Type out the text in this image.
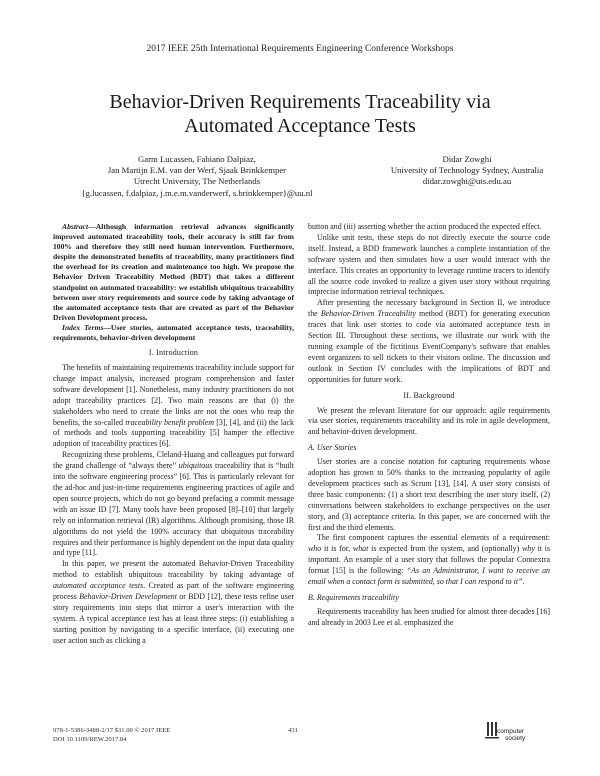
2017 IEEE 25th International Requirements Engineering Conference Workshops
Behavior-Driven Requirements Traceability via
Automated Acceptance Tests
Garm Lucassen, Fabiano Dalpiaz,
Jan Martijn E.M. van der Werf, Sjaak Brinkkemper
Utrecht University, The Netherlands
{g.lucassen, f.dalpiaz, j.m.e.m.vanderwerf, s.brinkkemper}@uu.nl
Didar Zowghi
University of Technology Sydney, Australia
didar.zowghi@uts.edu.au

Abstract—Although information retrieval advances significantly improved automated traceability tools, their accuracy is still far from 100% and therefore they still need human intervention. Furthermore, despite the demonstrated benefits of traceability, many practitioners find the overhead for its creation and maintenance too high. We propose the Behavior Driven Traceability Method (BDT) that takes a different standpoint on automated traceability: we establish ubiquitous traceability between user story requirements and source code by taking advantage of the automated acceptance tests that are created as part of the Behavior Driven Development process.

Index Terms—User stories, automated acceptance tests, traceability, requirements, behavior-driven development

I. Introduction

The benefits of maintaining requirements traceability include support for change impact analysis, increased program comprehension and faster software development [1]. Nonetheless, many industry practitioners do not adopt traceability practices [2]. Two main reasons are that (i) the stakeholders who need to create the links are not the ones who reap the benefits, the so-called traceability benefit problem [3], [4], and (ii) the lack of methods and tools supporting traceability [5] hamper the effective adoption of traceability practices [6].

Recognizing these problems, Cleland-Huang and colleagues put forward the grand challenge of “always there” ubiquitous traceability that is “built into the software engineering process” [6]. This is particularly relevant for the ad-hoc and just-in-time requirements engineering practices of agile and open source projects, which do not go beyond prefacing a commit message with an issue ID [7]. Many tools have been proposed [8]–[10] that largely rely on information retrieval (IR) algorithms. Although promising, those IR algorithms do not yield the 100% accuracy that ubiquitous traceability requires and their performance is highly dependent on the input data quality and type [11].

In this paper, we present the automated Behavior-Driven Traceability method to establish ubiquitous traceability by taking advantage of automated acceptance tests. Created as part of the software engineering process Behavior-Driven Development or BDD [12], these tests refine user story requirements into steps that mirror a user's interaction with the system. A typical acceptance test has at least three steps: (i) establishing a starting position by navigating to a specific interface, (ii) executing one user action such as clicking a

button and (iii) asserting whether the action produced the expected effect.

Unlike unit tests, these steps do not directly execute the source code itself. Instead, a BDD framework launches a complete instantiation of the software system and then simulates how a user would interact with the interface. This creates an opportunity to leverage runtime tracers to identify all the source code invoked to realize a given user story without requiring imprecise information retrieval techniques.

After presenting the necessary background in Section II, we introduce the Behavior-Driven Traceability method (BDT) for generating execution traces that link user stories to code via automated acceptance tests in Section III. Throughout these sections, we illustrate our work with the running example of the fictitious EventCompany's software that enables event organizers to sell tickets to their visitors online. The discussion and outlook in Section IV concludes with the implications of BDT and opportunities for future work.

II. Background

We present the relevant literature for our approach: agile requirements via user stories, requirements traceability and its role in agile development, and behavior-driven development.

A. User Stories

User stories are a concise notation for capturing requirements whose adoption has grown to 50% thanks to the increasing popularity of agile development practices such as Scrum [13], [14]. A user story consists of three basic components: (1) a short text describing the user story itself, (2) conversations between stakeholders to exchange perspectives on the user story, and (3) acceptance criteria. In this paper, we are concerned with the first and the third elements.

The first component captures the essential elements of a requirement: who it is for, what is expected from the system, and (optionally) why it is important. An example of a user story that follows the popular Connextra format [15] is the following: “As an Administrator, I want to receive an email when a contact form is submitted, so that I can respond to it”.

B. Requirements traceability

Requirements traceability has been studied for almost three decades [16] and already in 2003 Lee et al. emphasized the

978-1-5386-3488-2/17 $31.00 © 2017 IEEE
DOI 10.1109/REW.2017.84
431	computer
society
